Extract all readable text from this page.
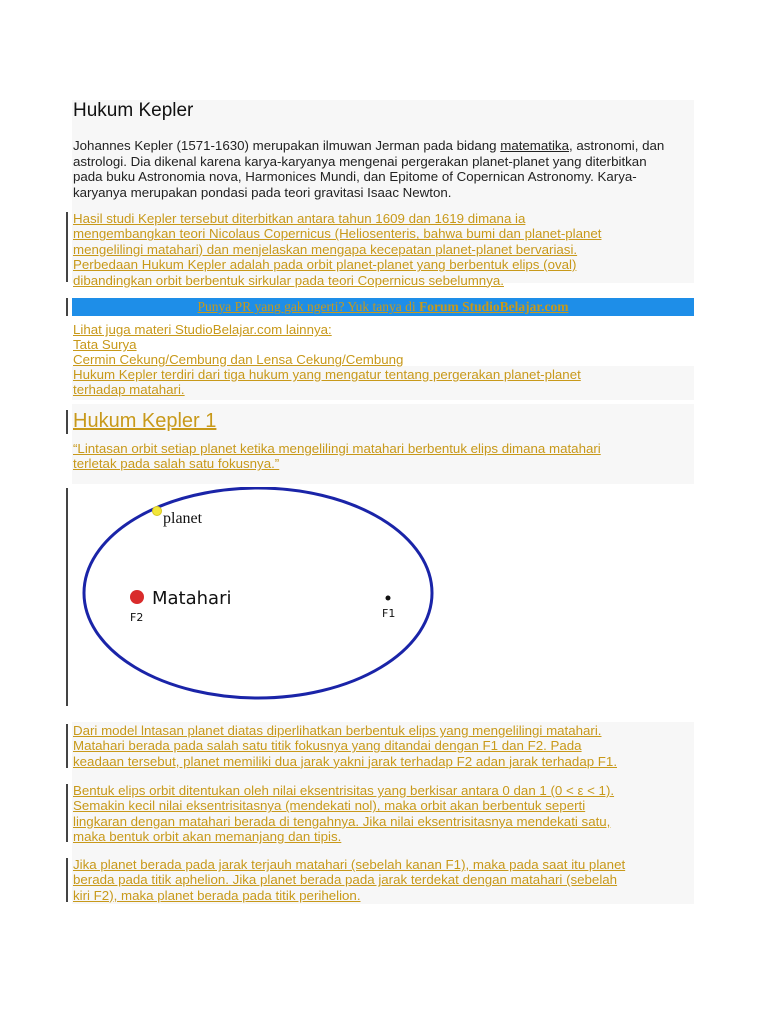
Hukum Kepler
Johannes Kepler (1571-1630) merupakan ilmuwan Jerman pada bidang matematika, astronomi, dan astrologi. Dia dikenal karena karya-karyanya mengenai pergerakan planet-planet yang diterbitkan pada buku Astronomia nova, Harmonices Mundi, dan Epitome of Copernican Astronomy. Karya-karyanya merupakan pondasi pada teori gravitasi Isaac Newton.
Hasil studi Kepler tersebut diterbitkan antara tahun 1609 dan 1619 dimana ia
mengembangkan teori Nicolaus Copernicus (Heliosenteris, bahwa bumi dan planet-planet
mengelilingi matahari) dan menjelaskan mengapa kecepatan planet-planet bervariasi.
Perbedaan Hukum Kepler adalah pada orbit planet-planet yang berbentuk elips (oval)
dibandingkan orbit berbentuk sirkular pada teori Copernicus sebelumnya.
Punya PR yang gak ngerti? Yuk tanya di Forum StudioBelajar.com
Lihat juga materi StudioBelajar.com lainnya:
Tata Surya
Cermin Cekung/Cembung dan Lensa Cekung/Cembung
Hukum Kepler terdiri dari tiga hukum yang mengatur tentang pergerakan planet-planet
terhadap matahari.
Hukum Kepler 1
“Lintasan orbit setiap planet ketika mengelilingi matahari berbentuk elips dimana matahari
terletak pada salah satu fokusnya.”
planet
Matahari
F2	F1
Dari model lntasan planet diatas diperlihatkan berbentuk elips yang mengelilingi matahari.
Matahari berada pada salah satu titik fokusnya yang ditandai dengan F1 dan F2. Pada
keadaan tersebut, planet memiliki dua jarak yakni jarak terhadap F2 adan jarak terhadap F1.
Bentuk elips orbit ditentukan oleh nilai eksentrisitas yang berkisar antara 0 dan 1 (0 < ε < 1).
Semakin kecil nilai eksentrisitasnya (mendekati nol), maka orbit akan berbentuk seperti
lingkaran dengan matahari berada di tengahnya. Jika nilai eksentrisitasnya mendekati satu,
maka bentuk orbit akan memanjang dan tipis.
Jika planet berada pada jarak terjauh matahari (sebelah kanan F1), maka pada saat itu planet
berada pada titik aphelion. Jika planet berada pada jarak terdekat dengan matahari (sebelah
kiri F2), maka planet berada pada titik perihelion.
